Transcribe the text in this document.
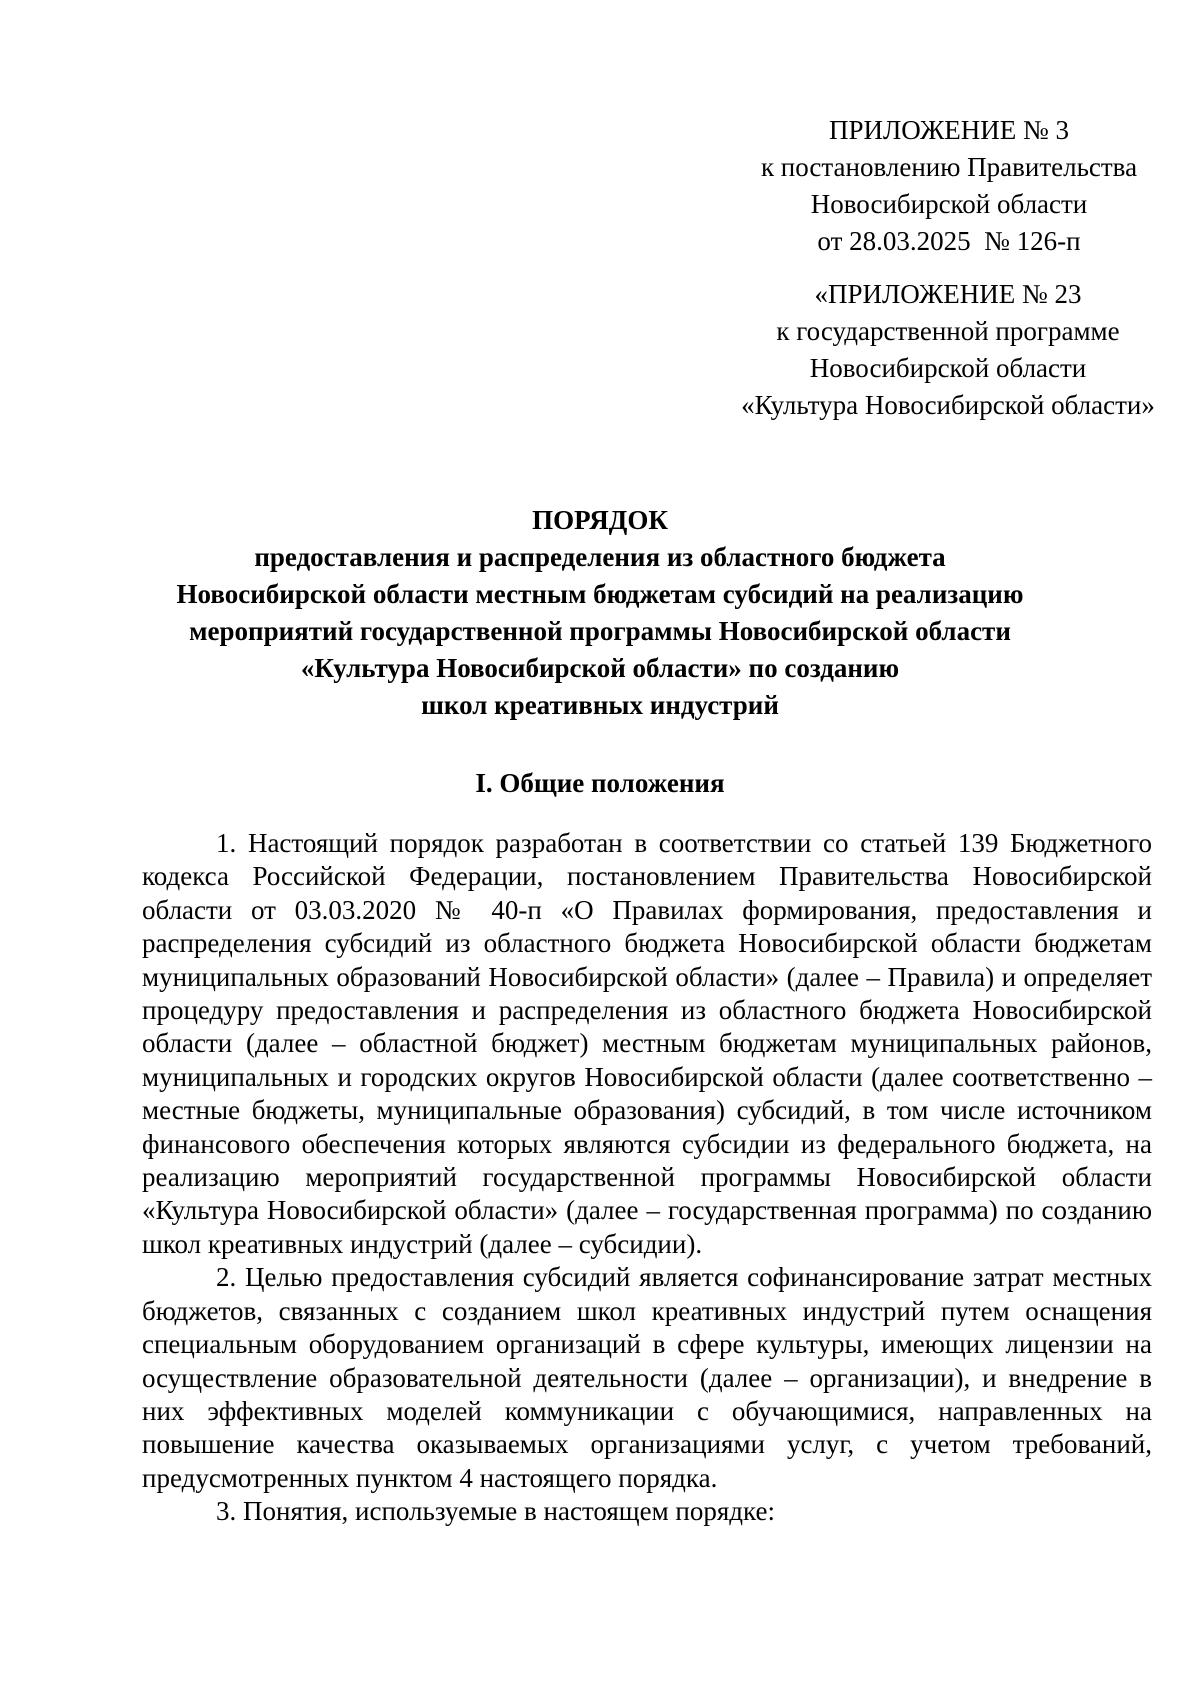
ПРИЛОЖЕНИЕ № 3
к постановлению Правительства
Новосибирской области
от 28.03.2025  № 126-п
«ПРИЛОЖЕНИЕ № 23
к государственной программе
Новосибирской области
«Культура Новосибирской области»
ПОРЯДОК
предоставления и распределения из областного бюджета
Новосибирской области местным бюджетам субсидий на реализацию
мероприятий государственной программы Новосибирской области
«Культура Новосибирской области» по созданию
школ креативных индустрий
I. Общие положения

1. Настоящий порядок разработан в соответствии со статьей 139 Бюджетного кодекса Российской Федерации, постановлением Правительства Новосибирской области от 03.03.2020 № 40-п «О Правилах формирования, предоставления и распределения субсидий из областного бюджета Новосибирской области бюджетам муниципальных образований Новосибирской области» (далее – Правила) и определяет процедуру предоставления и распределения из областного бюджета Новосибирской области (далее – областной бюджет) местным бюджетам муниципальных районов, муниципальных и городских округов Новосибирской области (далее соответственно – местные бюджеты, муниципальные образования) субсидий, в том числе источником финансового обеспечения которых являются субсидии из федерального бюджета, на реализацию мероприятий государственной программы Новосибирской области «Культура Новосибирской области» (далее – государственная программа) по созданию школ креативных индустрий (далее – субсидии).

2. Целью предоставления субсидий является софинансирование затрат местных бюджетов, связанных с созданием школ креативных индустрий путем оснащения специальным оборудованием организаций в сфере культуры, имеющих лицензии на осуществление образовательной деятельности (далее – организации), и внедрение в них эффективных моделей коммуникации с обучающимися, направленных на повышение качества оказываемых организациями услуг, с учетом требований, предусмотренных пунктом 4 настоящего порядка.

3. Понятия, используемые в настоящем порядке:
